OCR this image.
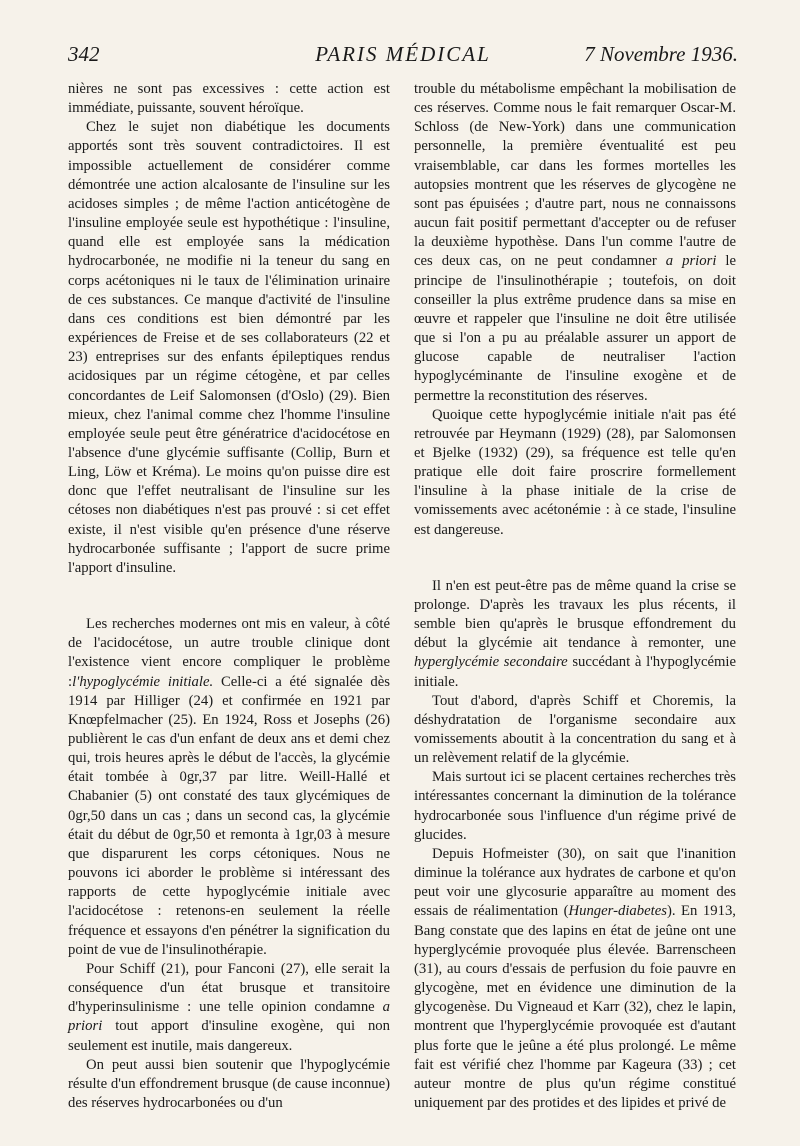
342	PARIS MÉDICAL	7 Novembre 1936.

nières ne sont pas excessives : cette action est immédiate, puissante, souvent héroïque.

Chez le sujet non diabétique les documents apportés sont très souvent contradictoires. Il est impossible actuellement de considérer comme démontrée une action alcalosante de l'insuline sur les acidoses simples ; de même l'action anticétogène de l'insuline employée seule est hypothétique : l'insuline, quand elle est employée sans la médication hydrocarbonée, ne modifie ni la teneur du sang en corps acétoniques ni le taux de l'élimination urinaire de ces substances. Ce manque d'activité de l'insuline dans ces conditions est bien démontré par les expériences de Freise et de ses collaborateurs (22 et 23) entreprises sur des enfants épileptiques rendus acidosiques par un régime cétogène, et par celles concordantes de Leif Salomonsen (d'Oslo) (29). Bien mieux, chez l'animal comme chez l'homme l'insuline employée seule peut être génératrice d'acidocétose en l'absence d'une glycémie suffisante (Collip, Burn et Ling, Löw et Kréma). Le moins qu'on puisse dire est donc que l'effet neutralisant de l'insuline sur les cétoses non diabétiques n'est pas prouvé : si cet effet existe, il n'est visible qu'en présence d'une réserve hydrocarbonée suffisante ; l'apport de sucre prime l'apport d'insuline.

Les recherches modernes ont mis en valeur, à côté de l'acidocétose, un autre trouble clinique dont l'existence vient encore compliquer le problème :l'hypoglycémie initiale. Celle-ci a été signalée dès 1914 par Hilliger (24) et confirmée en 1921 par Knœpfelmacher (25). En 1924, Ross et Josephs (26) publièrent le cas d'un enfant de deux ans et demi chez qui, trois heures après le début de l'accès, la glycémie était tombée à 0gr,37 par litre. Weill-Hallé et Chabanier (5) ont constaté des taux glycémiques de 0gr,50 dans un cas ; dans un second cas, la glycémie était du début de 0gr,50 et remonta à 1gr,03 à mesure que disparurent les corps cétoniques. Nous ne pouvons ici aborder le problème si intéressant des rapports de cette hypoglycémie initiale avec l'acidocétose : retenons-en seulement la réelle fréquence et essayons d'en pénétrer la signification du point de vue de l'insulinothérapie.

Pour Schiff (21), pour Fanconi (27), elle serait la conséquence d'un état brusque et transitoire d'hyperinsulinisme : une telle opinion condamne a priori tout apport d'insuline exogène, qui non seulement est inutile, mais dangereux.

On peut aussi bien soutenir que l'hypoglycémie résulte d'un effondrement brusque (de cause inconnue) des réserves hydrocarbonées ou d'un

trouble du métabolisme empêchant la mobilisation de ces réserves. Comme nous le fait remarquer Oscar-M. Schloss (de New-York) dans une communication personnelle, la première éventualité est peu vraisemblable, car dans les formes mortelles les autopsies montrent que les réserves de glycogène ne sont pas épuisées ; d'autre part, nous ne connaissons aucun fait positif permettant d'accepter ou de refuser la deuxième hypothèse. Dans l'un comme l'autre de ces deux cas, on ne peut condamner a priori le principe de l'insulinothérapie ; toutefois, on doit conseiller la plus extrême prudence dans sa mise en œuvre et rappeler que l'insuline ne doit être utilisée que si l'on a pu au préalable assurer un apport de glucose capable de neutraliser l'action hypoglycéminante de l'insuline exogène et de permettre la reconstitution des réserves.

Quoique cette hypoglycémie initiale n'ait pas été retrouvée par Heymann (1929) (28), par Salomonsen et Bjelke (1932) (29), sa fréquence est telle qu'en pratique elle doit faire proscrire formellement l'insuline à la phase initiale de la crise de vomissements avec acétonémie : à ce stade, l'insuline est dangereuse.

Il n'en est peut-être pas de même quand la crise se prolonge. D'après les travaux les plus récents, il semble bien qu'après le brusque effondrement du début la glycémie ait tendance à remonter, une hyperglycémie secondaire succédant à l'hypoglycémie initiale.

Tout d'abord, d'après Schiff et Choremis, la déshydratation de l'organisme secondaire aux vomissements aboutit à la concentration du sang et à un relèvement relatif de la glycémie.

Mais surtout ici se placent certaines recherches très intéressantes concernant la diminution de la tolérance hydrocarbonée sous l'influence d'un régime privé de glucides.

Depuis Hofmeister (30), on sait que l'inanition diminue la tolérance aux hydrates de carbone et qu'on peut voir une glycosurie apparaître au moment des essais de réalimentation (Hunger-diabetes). En 1913, Bang constate que des lapins en état de jeûne ont une hyperglycémie provoquée plus élevée. Barrenscheen (31), au cours d'essais de perfusion du foie pauvre en glycogène, met en évidence une diminution de la glycogenèse. Du Vigneaud et Karr (32), chez le lapin, montrent que l'hyperglycémie provoquée est d'autant plus forte que le jeûne a été plus prolongé. Le même fait est vérifié chez l'homme par Kageura (33) ; cet auteur montre de plus qu'un régime constitué uniquement par des protides et des lipides et privé de
